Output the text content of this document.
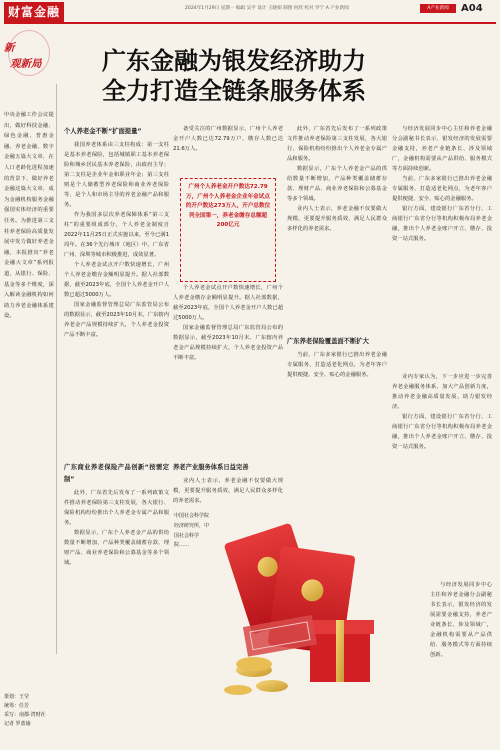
财富金融	2024年1月29日 星期一 编辑 吴平 设计 王晓娟 制图 何欣 校对 罗宁 A 产业新闻	A产业新闻	A04
新
观新局
中央金融工作会议提出，做好科技金融、绿色金融、普惠金融、养老金融、数字金融五篇大文章，在人口老龄化进程加速的背景下，做好养老金融这篇大文章，成为金融机构服务金融强国实体经济的重要任务。为推进第三支柱养老保险高质量发展中发力做好养老金融，本报推出“养老金融大文章”系列报道，从银行、保险、基金等多个维度，深入解读金融机构如何助力养老金融体系建设。
策划：王莹
统筹：任芳
采写：南都·湾财社
记者 罗蓝瑜
广东金融为银发经济助力
全力打造全链条服务体系
个人养老金不断“扩面提量”

我国养老体系由三支柱构成：第一支柱是基本养老保险，包括城镇职工基本养老保险和城乡居民基本养老保险，由政府主导；第二支柱是企业年金和职业年金；第三支柱则是个人储蓄型养老保险和商业养老保险等，是个人和市场主导的养老金融产品和服务。

作为我国多层次养老保障体系“第三支柱”的重要组成部分，个人养老金制度自2022年11月25日正式实施以来，至今已满1周年。在36个先行城市（地区）中，广东省广州、深圳等城市积极推进，成效显著。

个人养老金试点开户数快速增长，广州个人养老金缴存金额明显提升。据人社部数据，截至2023年底，全国个人养老金开户人数已超过5000万人。

国家金融监督管理总局广东监管局公布的数据显示，截至2023年10月末，广东辖内养老金产品规模持续扩大，个人养老金投资产品不断丰富。

广东商业养老保险产品创新“按需定制”

此外，广东省先后发布了一系列政策文件推动养老保险第三支柱发展，各大银行、保险机构纷纷推出个人养老金专属产品和服务。

数据显示，广东个人养老金产品的供给数量不断增加，产品种类覆盖储蓄存款、理财产品、商业养老保险和公募基金等多个领域。

备受关注的广州数据显示，广州个人养老金开户人数已达72.79万户，缴存人数已达21.6万人。

广州个人养老金开户数达72.79万，广州个人养老金企业年金试点的开户数达273万人，开户总数位列全国第一，养老金缴存总额超200亿元

个人养老金试点开户数快速增长，广州个人养老金缴存金额明显提升。据人社部数据，截至2023年底，全国个人养老金开户人数已超过5000万人。

国家金融监督管理总局广东监管局公布的数据显示，截至2023年10月末，广东辖内养老金产品规模持续扩大，个人养老金投资产品不断丰富。

养老产业服务体系日益完善

业内人士表示，养老金融不仅要做大规模，更要提升服务质效，满足人民群众多样化的养老需求。

此外，广东省先后发布了一系列政策文件推动养老保险第三支柱发展，各大银行、保险机构纷纷推出个人养老金专属产品和服务。

数据显示，广东个人养老金产品的供给数量不断增加，产品种类覆盖储蓄存款、理财产品、商业养老保险和公募基金等多个领域。

业内人士表示，养老金融不仅要做大规模，更要提升服务质效，满足人民群众多样化的养老需求。

广东养老保险覆盖面不断扩大

当前，广东多家银行已推出养老金融专属服务，打造适老化网点，为老年客户提供便捷、安全、贴心的金融服务。

与经济发展同步中心主任和养老金融分会副秘书长表示，银发经济的发展需要金融支持，养老产业链条长、涉及领域广，金融机构需要从产品供给、服务模式等方面持续创新。

当前，广东多家银行已推出养老金融专属服务，打造适老化网点，为老年客户提供便捷、安全、贴心的金融服务。

银行方面，建设银行广东省分行、工商银行广东省分行等机构积极布局养老金融，推出个人养老金账户开立、缴存、投资一站式服务。

业内专家认为，下一步应进一步完善养老金融服务体系，加大产品创新力度，推动养老金融高质量发展，助力银发经济。

银行方面，建设银行广东省分行、工商银行广东省分行等机构积极布局养老金融，推出个人养老金账户开立、缴存、投资一站式服务。

与经济发展同步中心主任和养老金融分会副秘书长表示，银发经济的发展需要金融支持，养老产业链条长、涉及领域广，金融机构需要从产品供给、服务模式等方面持续创新。

中国社会科学院经济研究所，中国社会科学院……
